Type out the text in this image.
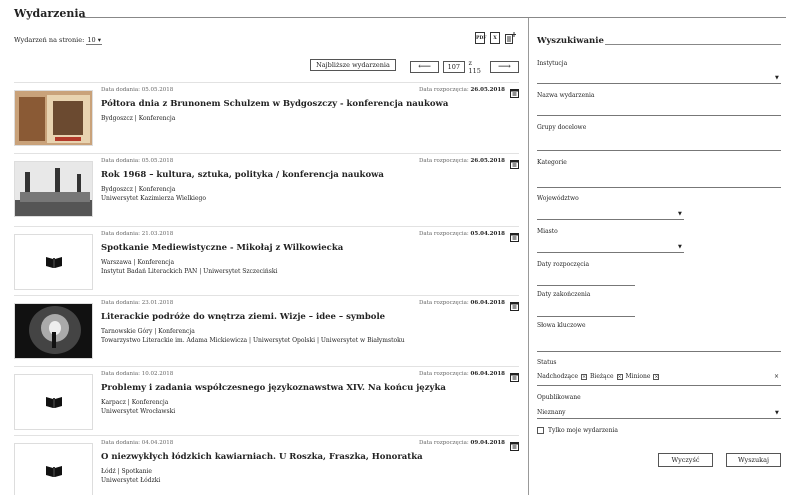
Wydarzenia
Wydarzeń na stronie: 10 ▾	PDF	X
Najbliższe wydarzenia	⟵	107	z 115	⟶
Data dodania: 05.05.2018	Data rozpoczęcia: 26.05.2018
Półtora dnia z Brunonem Schulzem w Bydgoszczy - konferencja naukowa
Bydgoszcz | Konferencja
Data dodania: 05.05.2018	Data rozpoczęcia: 26.05.2018
Rok 1968 – kultura, sztuka, polityka / konferencja naukowa
Bydgoszcz | Konferencja
Uniwersytet Kazimierza Wielkiego
Data dodania: 21.03.2018	Data rozpoczęcia: 05.04.2018
Spotkanie Mediewistyczne - Mikołaj z Wilkowiecka
Warszawa | Konferencja
Instytut Badań Literackich PAN | Uniwersytet Szczeciński
Data dodania: 23.01.2018	Data rozpoczęcia: 06.04.2018
Literackie podróże do wnętrza ziemi. Wizje – idee – symbole
Tarnowskie Góry | Konferencja
Towarzystwo Literackie im. Adama Mickiewicza | Uniwersytet Opolski | Uniwersytet w Białymstoku
Data dodania: 10.02.2018	Data rozpoczęcia: 06.04.2018
Problemy i zadania współczesnego językoznawstwa XIV. Na końcu języka
Karpacz | Konferencja
Uniwersytet Wrocławski
Data dodania: 04.04.2018	Data rozpoczęcia: 09.04.2018
O niezwykłych łódzkich kawiarniach. U Roszka, Fraszka, Honoratka
Łódź | Spotkanie
Uniwersytet Łódzki
Wyszukiwanie
Instytucja
▼
Nazwa wydarzenia
Grupy docelowe
Kategorie
Województwo
▼
Miasto
▼
Daty rozpoczęcia
Daty zakończenia
Słowa kluczowe
Status
Nadchodzące × Bieżące × Minione ×	×
Opublikowane
Nieznany	▼
Tylko moje wydarzenia
Wyczyść	Wyszukaj
